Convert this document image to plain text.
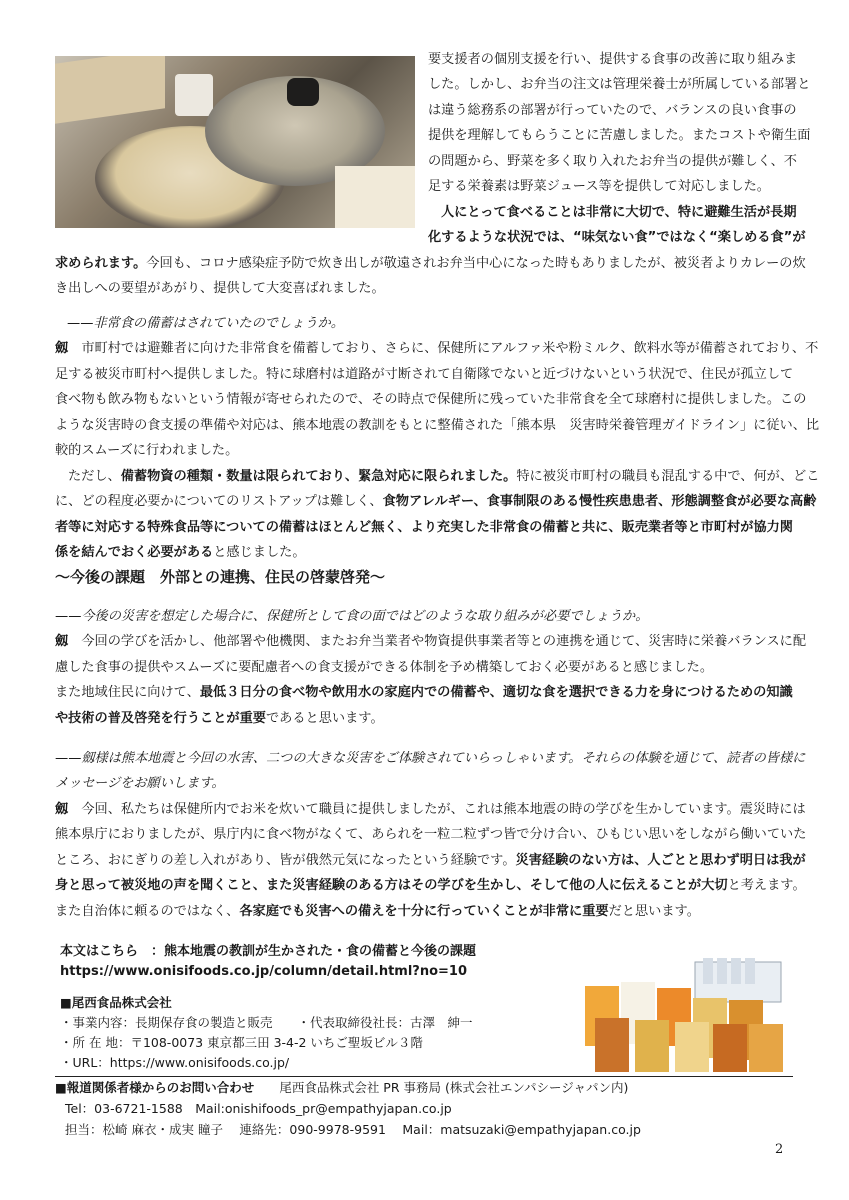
要支援者の個別支援を行い、提供する食事の改善に取り組みま

した。しかし、お弁当の注文は管理栄養士が所属している部署と

は違う総務系の部署が行っていたので、バランスの良い食事の

提供を理解してもらうことに苦慮しました。またコストや衛生面

の問題から、野菜を多く取り入れたお弁当の提供が難しく、不

足する栄養素は野菜ジュース等を提供して対応しました。

人にとって食べることは非常に大切で、特に避難生活が長期

化するような状況では、“味気ない食”ではなく“楽しめる食”が

求められます。今回も、コロナ感染症予防で炊き出しが敬遠されお弁当中心になった時もありましたが、被災者よりカレーの炊

き出しへの要望があがり、提供して大変喜ばれました。

——非常食の備蓄はされていたのでしょうか。

劔　 市町村では避難者に向けた非常食を備蓄しており、さらに、保健所にアルファ米や粉ミルク、飲料水等が備蓄されており、不

足する被災市町村へ提供しました。特に球磨村は道路が寸断されて自衛隊でないと近づけないという状況で、住民が孤立して

食べ物も飲み物もないという情報が寄せられたので、その時点で保健所に残っていた非常食を全て球磨村に提供しました。この

ような災害時の食支援の準備や対応は、熊本地震の教訓をもとに整備された「熊本県　災害時栄養管理ガイドライン」に従い、比

較的スムーズに行われました。

ただし、備蓄物資の種類・数量は限られており、緊急対応に限られました。特に被災市町村の職員も混乱する中で、何が、どこ

に、どの程度必要かについてのリストアップは難しく、食物アレルギー、食事制限のある慢性疾患患者、形態調整食が必要な高齢

者等に対応する特殊食品等についての備蓄はほとんど無く、より充実した非常食の備蓄と共に、販売業者等と市町村が協力関

係を結んでおく必要があると感じました。

～今後の課題　外部との連携、住民の啓蒙啓発～

——今後の災害を想定した場合に、保健所として食の面ではどのような取り組みが必要でしょうか。

劔　 今回の学びを活かし、他部署や他機関、またお弁当業者や物資提供事業者等との連携を通じて、災害時に栄養バランスに配

慮した食事の提供やスムーズに要配慮者への食支援ができる体制を予め構築しておく必要があると感じました。

また地域住民に向けて、最低３日分の食べ物や飲用水の家庭内での備蓄や、適切な食を選択できる力を身につけるための知識

や技術の普及啓発を行うことが重要であると思います。

——劔様は熊本地震と今回の水害、二つの大きな災害をご体験されていらっしゃいます。それらの体験を通じて、読者の皆様に

メッセージをお願いします。

劔　 今回、私たちは保健所内でお米を炊いて職員に提供しましたが、これは熊本地震の時の学びを生かしています。震災時には

熊本県庁におりましたが、県庁内に食べ物がなくて、あられを一粒二粒ずつ皆で分け合い、ひもじい思いをしながら働いていた

ところ、おにぎりの差し入れがあり、皆が俄然元気になったという経験です。災害経験のない方は、人ごとと思わず明日は我が

身と思って被災地の声を聞くこと、また災害経験のある方はその学びを生かし、そして他の人に伝えることが大切と考えます。

また自治体に頼るのではなく、各家庭でも災害への備えを十分に行っていくことが非常に重要だと思います。

本文はこちら　：熊本地震の教訓が生かされた・食の備蓄と今後の課題
https://www.onisifoods.co.jp/column/detail.html?no=10
■尾西食品株式会社
・事業内容：長期保存食の製造と販売　　・代表取締役社長：古澤　紳一
・所 在 地：〒108-0073 東京都三田 3-4-2 いちご聖坂ビル３階
・URL：https://www.onisifoods.co.jp/
■報道関係者様からのお問い合わせ　　 尾西食品株式会社 PR 事務局 (株式会社エンパシージャパン内)
Tel：03-6721-1588　Mail:onishifoods_pr@empathyjapan.co.jp
担当：松崎 麻衣・成実 瞳子　 連絡先：090-9978-9591　 Mail：matsuzaki@empathyjapan.co.jp
2
